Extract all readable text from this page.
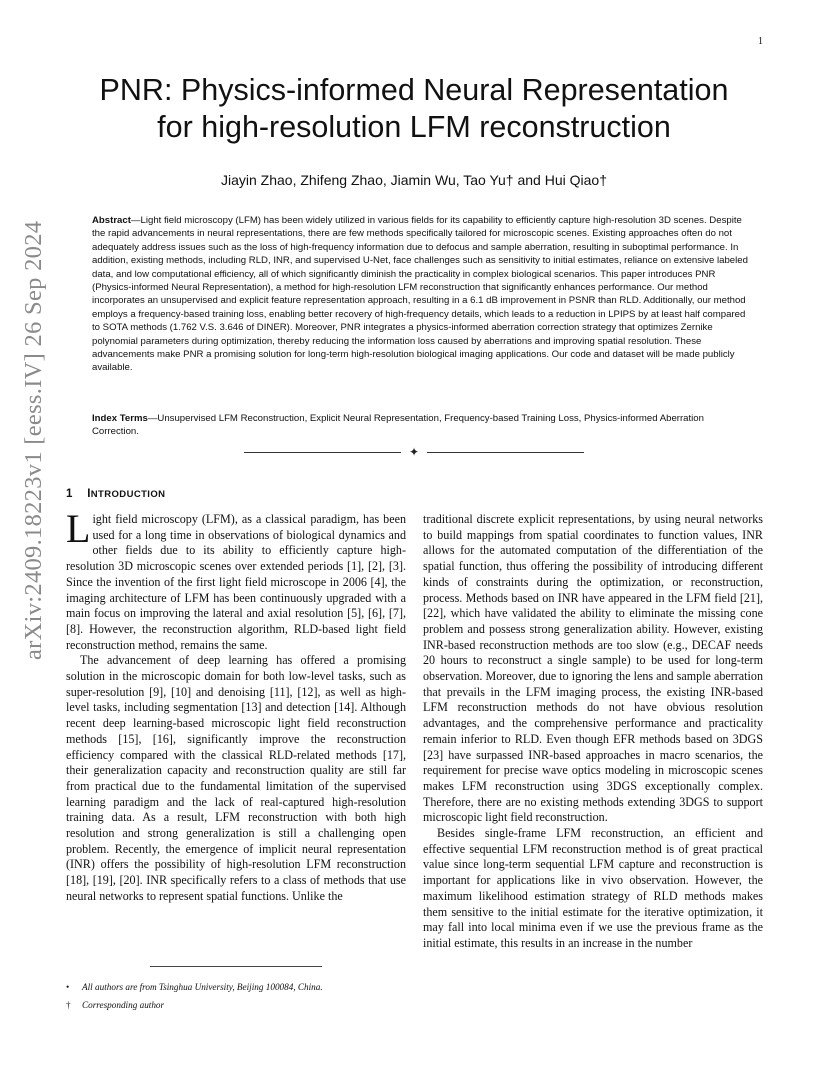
1
arXiv:2409.18223v1 [eess.IV] 26 Sep 2024
PNR: Physics-informed Neural Representation
for high-resolution LFM reconstruction
Jiayin Zhao, Zhifeng Zhao, Jiamin Wu, Tao Yu† and Hui Qiao†
Abstract—Light field microscopy (LFM) has been widely utilized in various fields for its capability to efficiently capture high-resolution 3D scenes. Despite the rapid advancements in neural representations, there are few methods specifically tailored for microscopic scenes. Existing approaches often do not adequately address issues such as the loss of high-frequency information due to defocus and sample aberration, resulting in suboptimal performance. In addition, existing methods, including RLD, INR, and supervised U-Net, face challenges such as sensitivity to initial estimates, reliance on extensive labeled data, and low computational efficiency, all of which significantly diminish the practicality in complex biological scenarios. This paper introduces PNR (Physics-informed Neural Representation), a method for high-resolution LFM reconstruction that significantly enhances performance. Our method incorporates an unsupervised and explicit feature representation approach, resulting in a 6.1 dB improvement in PSNR than RLD. Additionally, our method employs a frequency-based training loss, enabling better recovery of high-frequency details, which leads to a reduction in LPIPS by at least half compared to SOTA methods (1.762 V.S. 3.646 of DINER). Moreover, PNR integrates a physics-informed aberration correction strategy that optimizes Zernike polynomial parameters during optimization, thereby reducing the information loss caused by aberrations and improving spatial resolution. These advancements make PNR a promising solution for long-term high-resolution biological imaging applications. Our code and dataset will be made publicly available.
Index Terms—Unsupervised LFM Reconstruction, Explicit Neural Representation, Frequency-based Training Loss, Physics-informed Aberration Correction.
✦
1 INTRODUCTION

Light field microscopy (LFM), as a classical paradigm, has been used for a long time in observations of biological dynamics and other fields due to its ability to efficiently capture high-resolution 3D microscopic scenes over extended periods [1], [2], [3]. Since the invention of the first light field microscope in 2006 [4], the imaging architecture of LFM has been continuously upgraded with a main focus on improving the lateral and axial resolution [5], [6], [7], [8]. However, the reconstruction algorithm, RLD-based light field reconstruction method, remains the same.

The advancement of deep learning has offered a promising solution in the microscopic domain for both low-level tasks, such as super-resolution [9], [10] and denoising [11], [12], as well as high-level tasks, including segmentation [13] and detection [14]. Although recent deep learning-based microscopic light field reconstruction methods [15], [16], significantly improve the reconstruction efficiency compared with the classical RLD-related methods [17], their generalization capacity and reconstruction quality are still far from practical due to the fundamental limitation of the supervised learning paradigm and the lack of real-captured high-resolution training data. As a result, LFM reconstruction with both high resolution and strong generalization is still a challenging open problem. Recently, the emergence of implicit neural representation (INR) offers the possibility of high-resolution LFM reconstruction [18], [19], [20]. INR specifically refers to a class of methods that use neural networks to represent spatial functions. Unlike the

traditional discrete explicit representations, by using neural networks to build mappings from spatial coordinates to function values, INR allows for the automated computation of the differentiation of the spatial function, thus offering the possibility of introducing different kinds of constraints during the optimization, or reconstruction, process. Methods based on INR have appeared in the LFM field [21], [22], which have validated the ability to eliminate the missing cone problem and possess strong generalization ability. However, existing INR-based reconstruction methods are too slow (e.g., DECAF needs 20 hours to reconstruct a single sample) to be used for long-term observation. Moreover, due to ignoring the lens and sample aberration that prevails in the LFM imaging process, the existing INR-based LFM reconstruction methods do not have obvious resolution advantages, and the comprehensive performance and practicality remain inferior to RLD. Even though EFR methods based on 3DGS [23] have surpassed INR-based approaches in macro scenarios, the requirement for precise wave optics modeling in microscopic scenes makes LFM reconstruction using 3DGS exceptionally complex. Therefore, there are no existing methods extending 3DGS to support microscopic light field reconstruction.

Besides single-frame LFM reconstruction, an efficient and effective sequential LFM reconstruction method is of great practical value since long-term sequential LFM capture and reconstruction is important for applications like in vivo observation. However, the maximum likelihood estimation strategy of RLD methods makes them sensitive to the initial estimate for the iterative optimization, it may fall into local minima even if we use the previous frame as the initial estimate, this results in an increase in the number

• All authors are from Tsinghua University, Beijing 100084, China.
† Corresponding author
